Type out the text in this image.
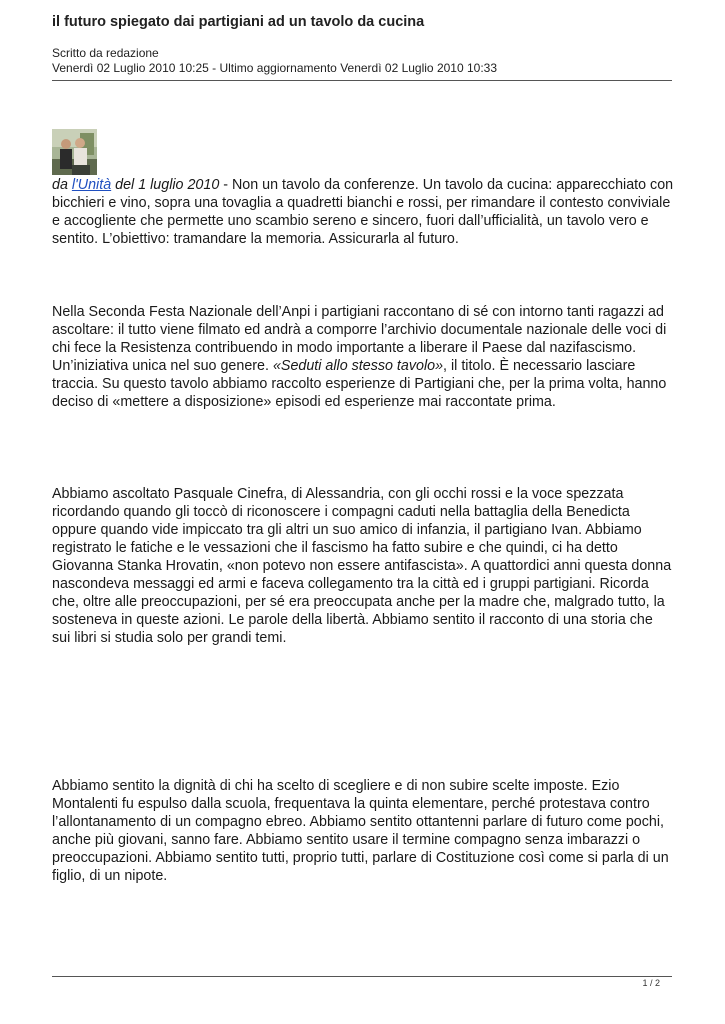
il futuro spiegato dai partigiani ad un tavolo da cucina
Scritto da redazione
Venerdì 02 Luglio 2010 10:25 - Ultimo aggiornamento Venerdì 02 Luglio 2010 10:33

da l'Unità del 1 luglio 2010 - Non un tavolo da conferenze. Un tavolo da cucina: apparecchiato con bicchieri e vino, sopra una tovaglia a quadretti bianchi e rossi, per rimandare il contesto conviviale e accogliente che permette uno scambio sereno e sincero, fuori dall’ufficialità, un tavolo vero e sentito. L’obiettivo: tramandare la memoria. Assicurarla al futuro.

Nella Seconda Festa Nazionale dell’Anpi i partigiani raccontano di sé con intorno tanti ragazzi ad ascoltare: il tutto viene filmato ed andrà a comporre l’archivio documentale nazionale delle voci di chi fece la Resistenza contribuendo in modo importante a liberare il Paese dal nazifascismo. Un’iniziativa unica nel suo genere. «Seduti allo stesso tavolo», il titolo. È necessario lasciare traccia. Su questo tavolo abbiamo raccolto esperienze di Partigiani che, per la prima volta, hanno deciso di «mettere a disposizione» episodi ed esperienze mai raccontate prima.

Abbiamo ascoltato Pasquale Cinefra, di Alessandria, con gli occhi rossi e la voce spezzata ricordando quando gli toccò di riconoscere i compagni caduti nella battaglia della Benedicta oppure quando vide impiccato tra gli altri un suo amico di infanzia, il partigiano Ivan. Abbiamo registrato le fatiche e le vessazioni che il fascismo ha fatto subire e che quindi, ci ha detto Giovanna Stanka Hrovatin, «non potevo non essere antifascista». A quattordici anni questa donna nascondeva messaggi ed armi e faceva collegamento tra la città ed i gruppi partigiani. Ricorda che, oltre alle preoccupazioni, per sé era preoccupata anche per la madre che, malgrado tutto, la sosteneva in queste azioni. Le parole della libertà. Abbiamo sentito il racconto di una storia che sui libri si studia solo per grandi temi.

Abbiamo sentito la dignità di chi ha scelto di scegliere e di non subire scelte imposte. Ezio Montalenti fu espulso dalla scuola, frequentava la quinta elementare, perché protestava contro l’allontanamento di un compagno ebreo. Abbiamo sentito ottantenni parlare di futuro come pochi, anche più giovani, sanno fare. Abbiamo sentito usare il termine compagno senza imbarazzi o preoccupazioni. Abbiamo sentito tutti, proprio tutti, parlare di Costituzione così come si parla di un figlio, di un nipote.

1 / 2
